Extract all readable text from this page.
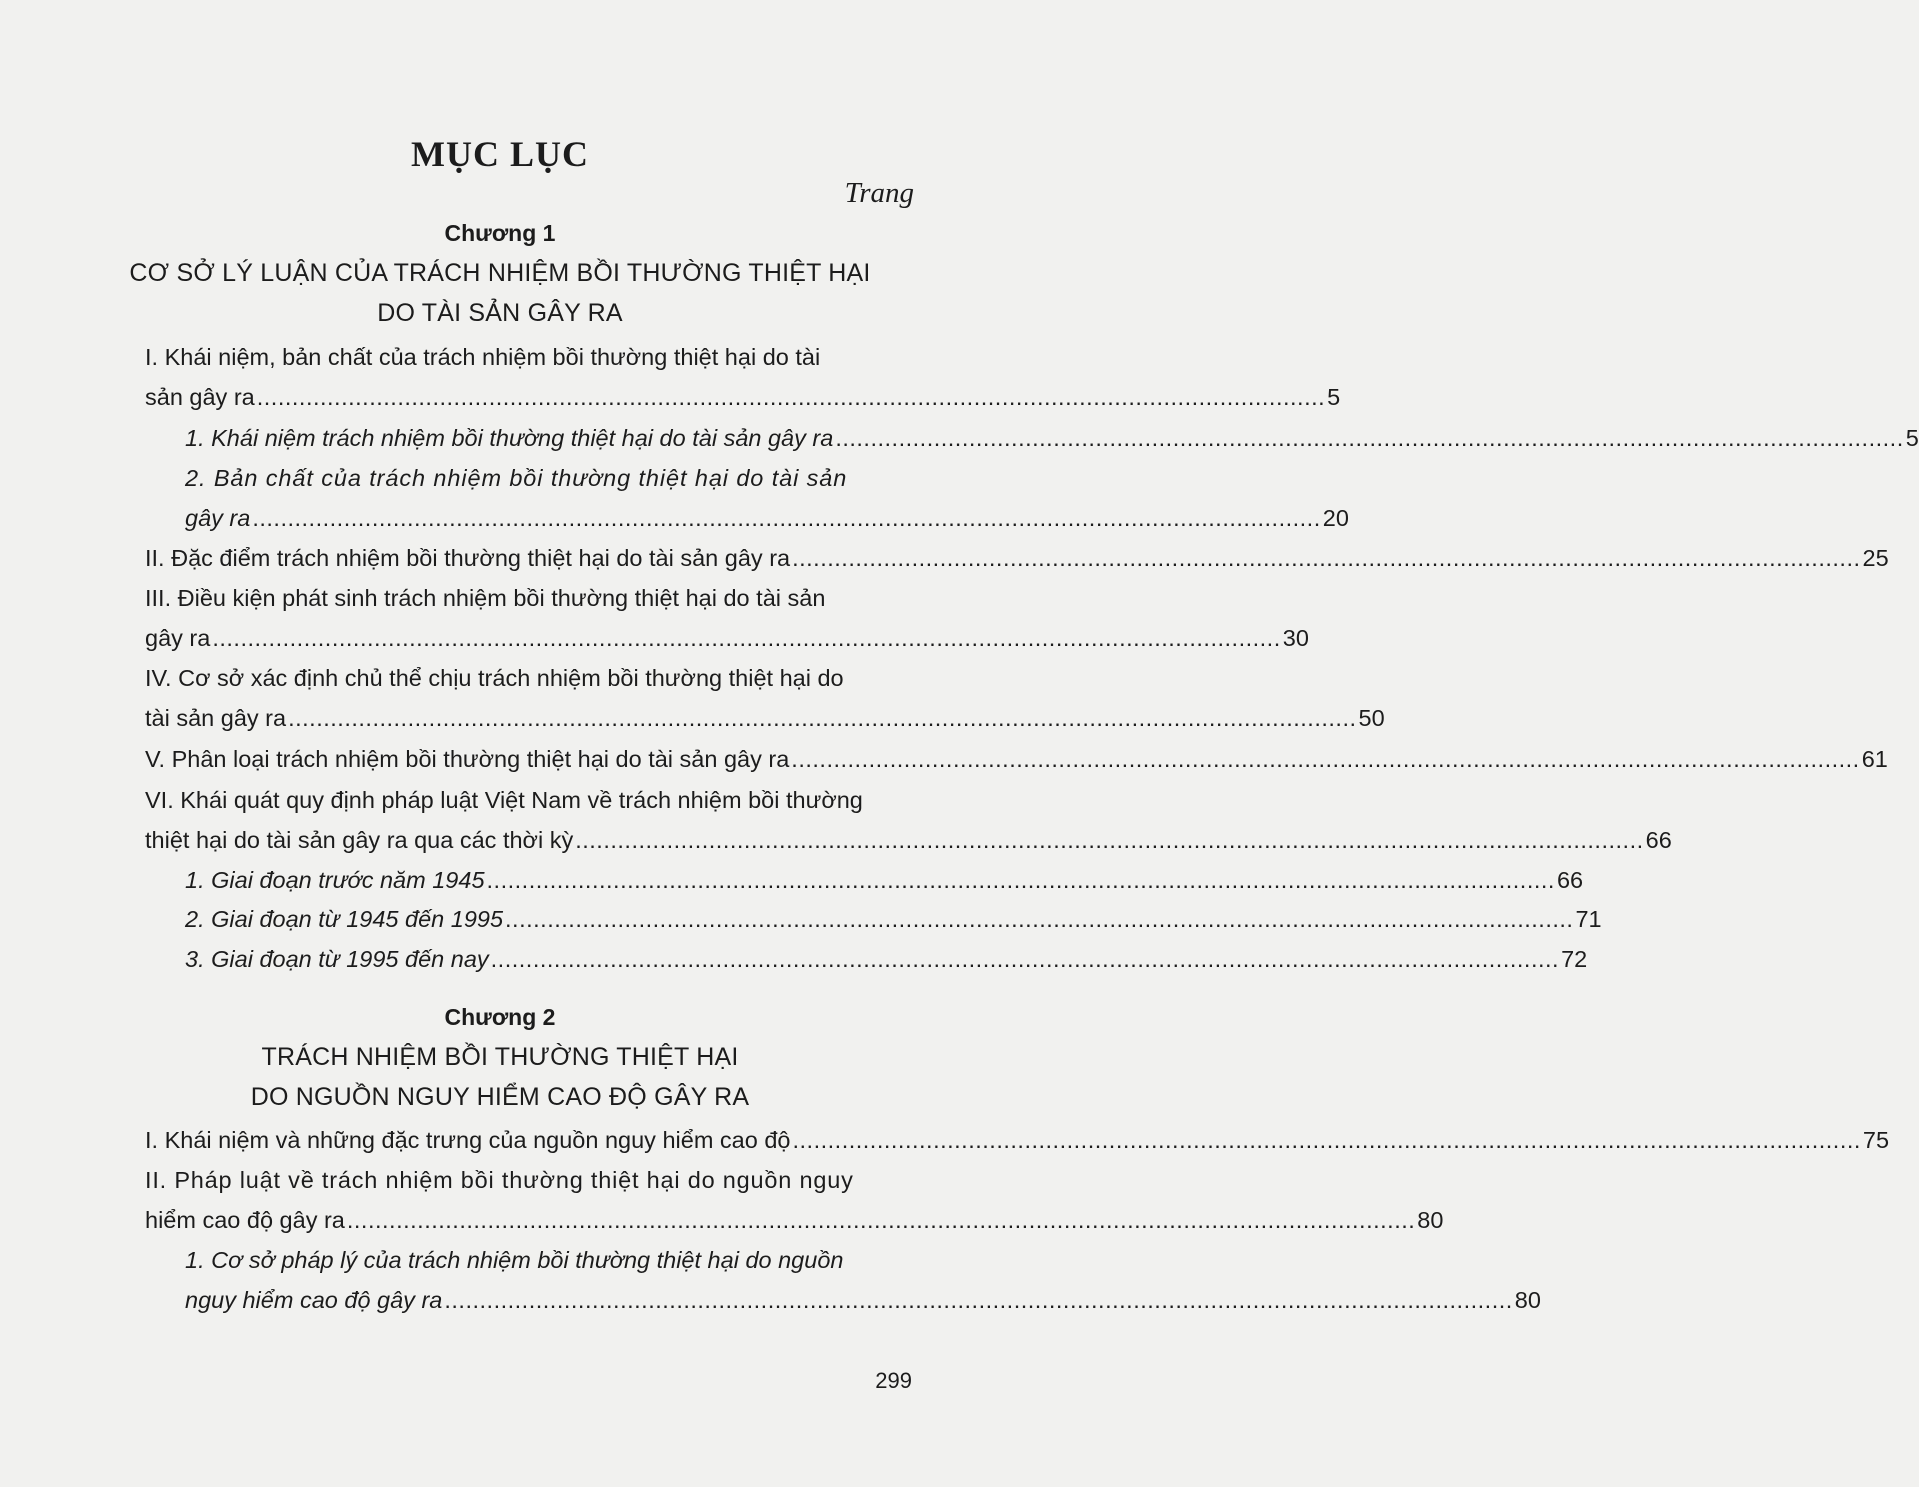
MỤC LỤC
Trang
Chương 1
CƠ SỞ LÝ LUẬN CỦA TRÁCH NHIỆM BỒI THƯỜNG THIỆT HẠI
DO TÀI SẢN GÂY RA
I. Khái niệm, bản chất của trách nhiệm bồi thường thiệt hại do tài
sản gây ra ........................................................................................................................................................ 5
1. Khái niệm trách nhiệm bồi thường thiệt hại do tài sản gây ra ........................................................................................................................................................ 5
2. Bản chất của trách nhiệm bồi thường thiệt hại do tài sản
gây ra ........................................................................................................................................................ 20
II. Đặc điểm trách nhiệm bồi thường thiệt hại do tài sản gây ra ........................................................................................................................................................ 25
III. Điều kiện phát sinh trách nhiệm bồi thường thiệt hại do tài sản
gây ra ........................................................................................................................................................ 30
IV. Cơ sở xác định chủ thể chịu trách nhiệm bồi thường thiệt hại do
tài sản gây ra ........................................................................................................................................................ 50
V. Phân loại trách nhiệm bồi thường thiệt hại do tài sản gây ra ........................................................................................................................................................ 61
VI. Khái quát quy định pháp luật Việt Nam về trách nhiệm bồi thường
thiệt hại do tài sản gây ra qua các thời kỳ ........................................................................................................................................................ 66
1. Giai đoạn trước năm 1945 ........................................................................................................................................................ 66
2. Giai đoạn từ 1945 đến 1995 ........................................................................................................................................................ 71
3. Giai đoạn từ 1995 đến nay ........................................................................................................................................................ 72
Chương 2
TRÁCH NHIỆM BỒI THƯỜNG THIỆT HẠI
DO NGUỒN NGUY HIỂM CAO ĐỘ GÂY RA
I. Khái niệm và những đặc trưng của nguồn nguy hiểm cao độ ........................................................................................................................................................ 75
II. Pháp luật về trách nhiệm bồi thường thiệt hại do nguồn nguy
hiểm cao độ gây ra ........................................................................................................................................................ 80
1. Cơ sở pháp lý của trách nhiệm bồi thường thiệt hại do nguồn
nguy hiểm cao độ gây ra ........................................................................................................................................................ 80
299
